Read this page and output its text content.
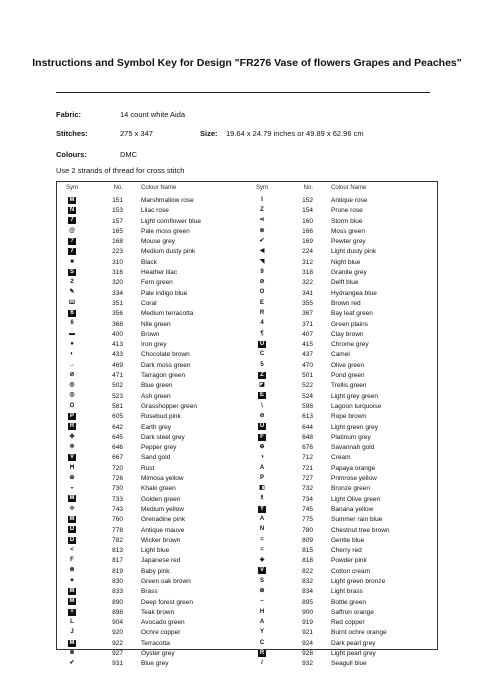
Instructions and Symbol Key for Design "FR276 Vase of flowers Grapes and Peaches"
Fabric:	14 count white Aida
Stitches:	275 x 347	Size: 19.64 x 24.79 inches or 49.89 x 62.96 cm
Colours:	DMC
Use 2 strands of thread for cross stitch
Sym	No.	Colour Name
M	151	Marshmallow rose
N	153	Lilac rose
7	157	Light cornflower blue
@	165	Pale moss green
?	168	Mouse grey
7	223	Medium dusty pink
■	310	Black
S	316	Heather lilac
2	320	Fern green
✎	334	Pale indigo blue
Ш	351	Coral
6	356	Medium terracotta
6	368	Nile green
▬	400	Brown
●	413	Iron grey
◐	433	Chocolate brown
→	469	Dark moss green
⊘	471	Tarragon green
◎	502	Blue green
◎	523	Ash green
O	581	Grasshopper green
P	605	Rosebud pink
R	642	Earth grey
✤	645	Dark steel grey
✲	646	Pepper grey
V	667	Sand gold
Ħ	720	Rust
⊕	726	Mimosa yellow
◒	730	Khaki green
M	733	Golden green
✢	743	Medium yellow
M	760	Grenadine pink
D	778	Antique mauve
D	782	Wicker brown
<	813	Light blue
F	817	Japanese red
⊛	819	Baby pink
✦	830	Green oak brown
M	833	Brass
M	890	Deep forest green
+	898	Teak brown
L	904	Avocado green
J	920	Ochre copper
M	922	Terracotta
⊗	927	Oyster grey
✔	931	Blue grey
Sym	No.	Colour Name
I	152	Antique rose
Z	154	Prune rose
⋖	160	Storm blue
⊚	166	Moss green
✔	169	Pewter grey
◀	224	Light dusty pink
◥	312	Night blue
9	318	Granite grey
⊘	322	Delft blue
O	341	Hydrangea blue
E	355	Brown red
R	367	Bay leaf green
4	371	Green plains
¶	407	Clay brown
U	415	Chrome grey
C	437	Camel
5	470	Olive green
Z	501	Pond green
◪	522	Trellis green
E	524	Light grey green
\	598	Lagoon turquoise
⊘	613	Rope brown
U	644	Light green grey
F	648	Platinum grey
⊕	676	Savannah gold
◑	712	Cream
A	721	Papaya orange
P	727	Primrose yellow
◧	732	Bronze green
♗	734	Light Olive green
Y	745	Banana yellow
A	775	Summer rain blue
N	780	Chestnut tree brown
=	809	Gentle blue
=	815	Cherry red
◈	818	Powder pink
V	822	Cotton cream
S	832	Light green bronze
⊕	834	Light brass
–	895	Bottle green
H	900	Saffron orange
A	919	Red copper
Y	921	Burnt ochre orange
C	924	Dark pearl grey
R	928	Light pearl grey
/	932	Seagull blue
